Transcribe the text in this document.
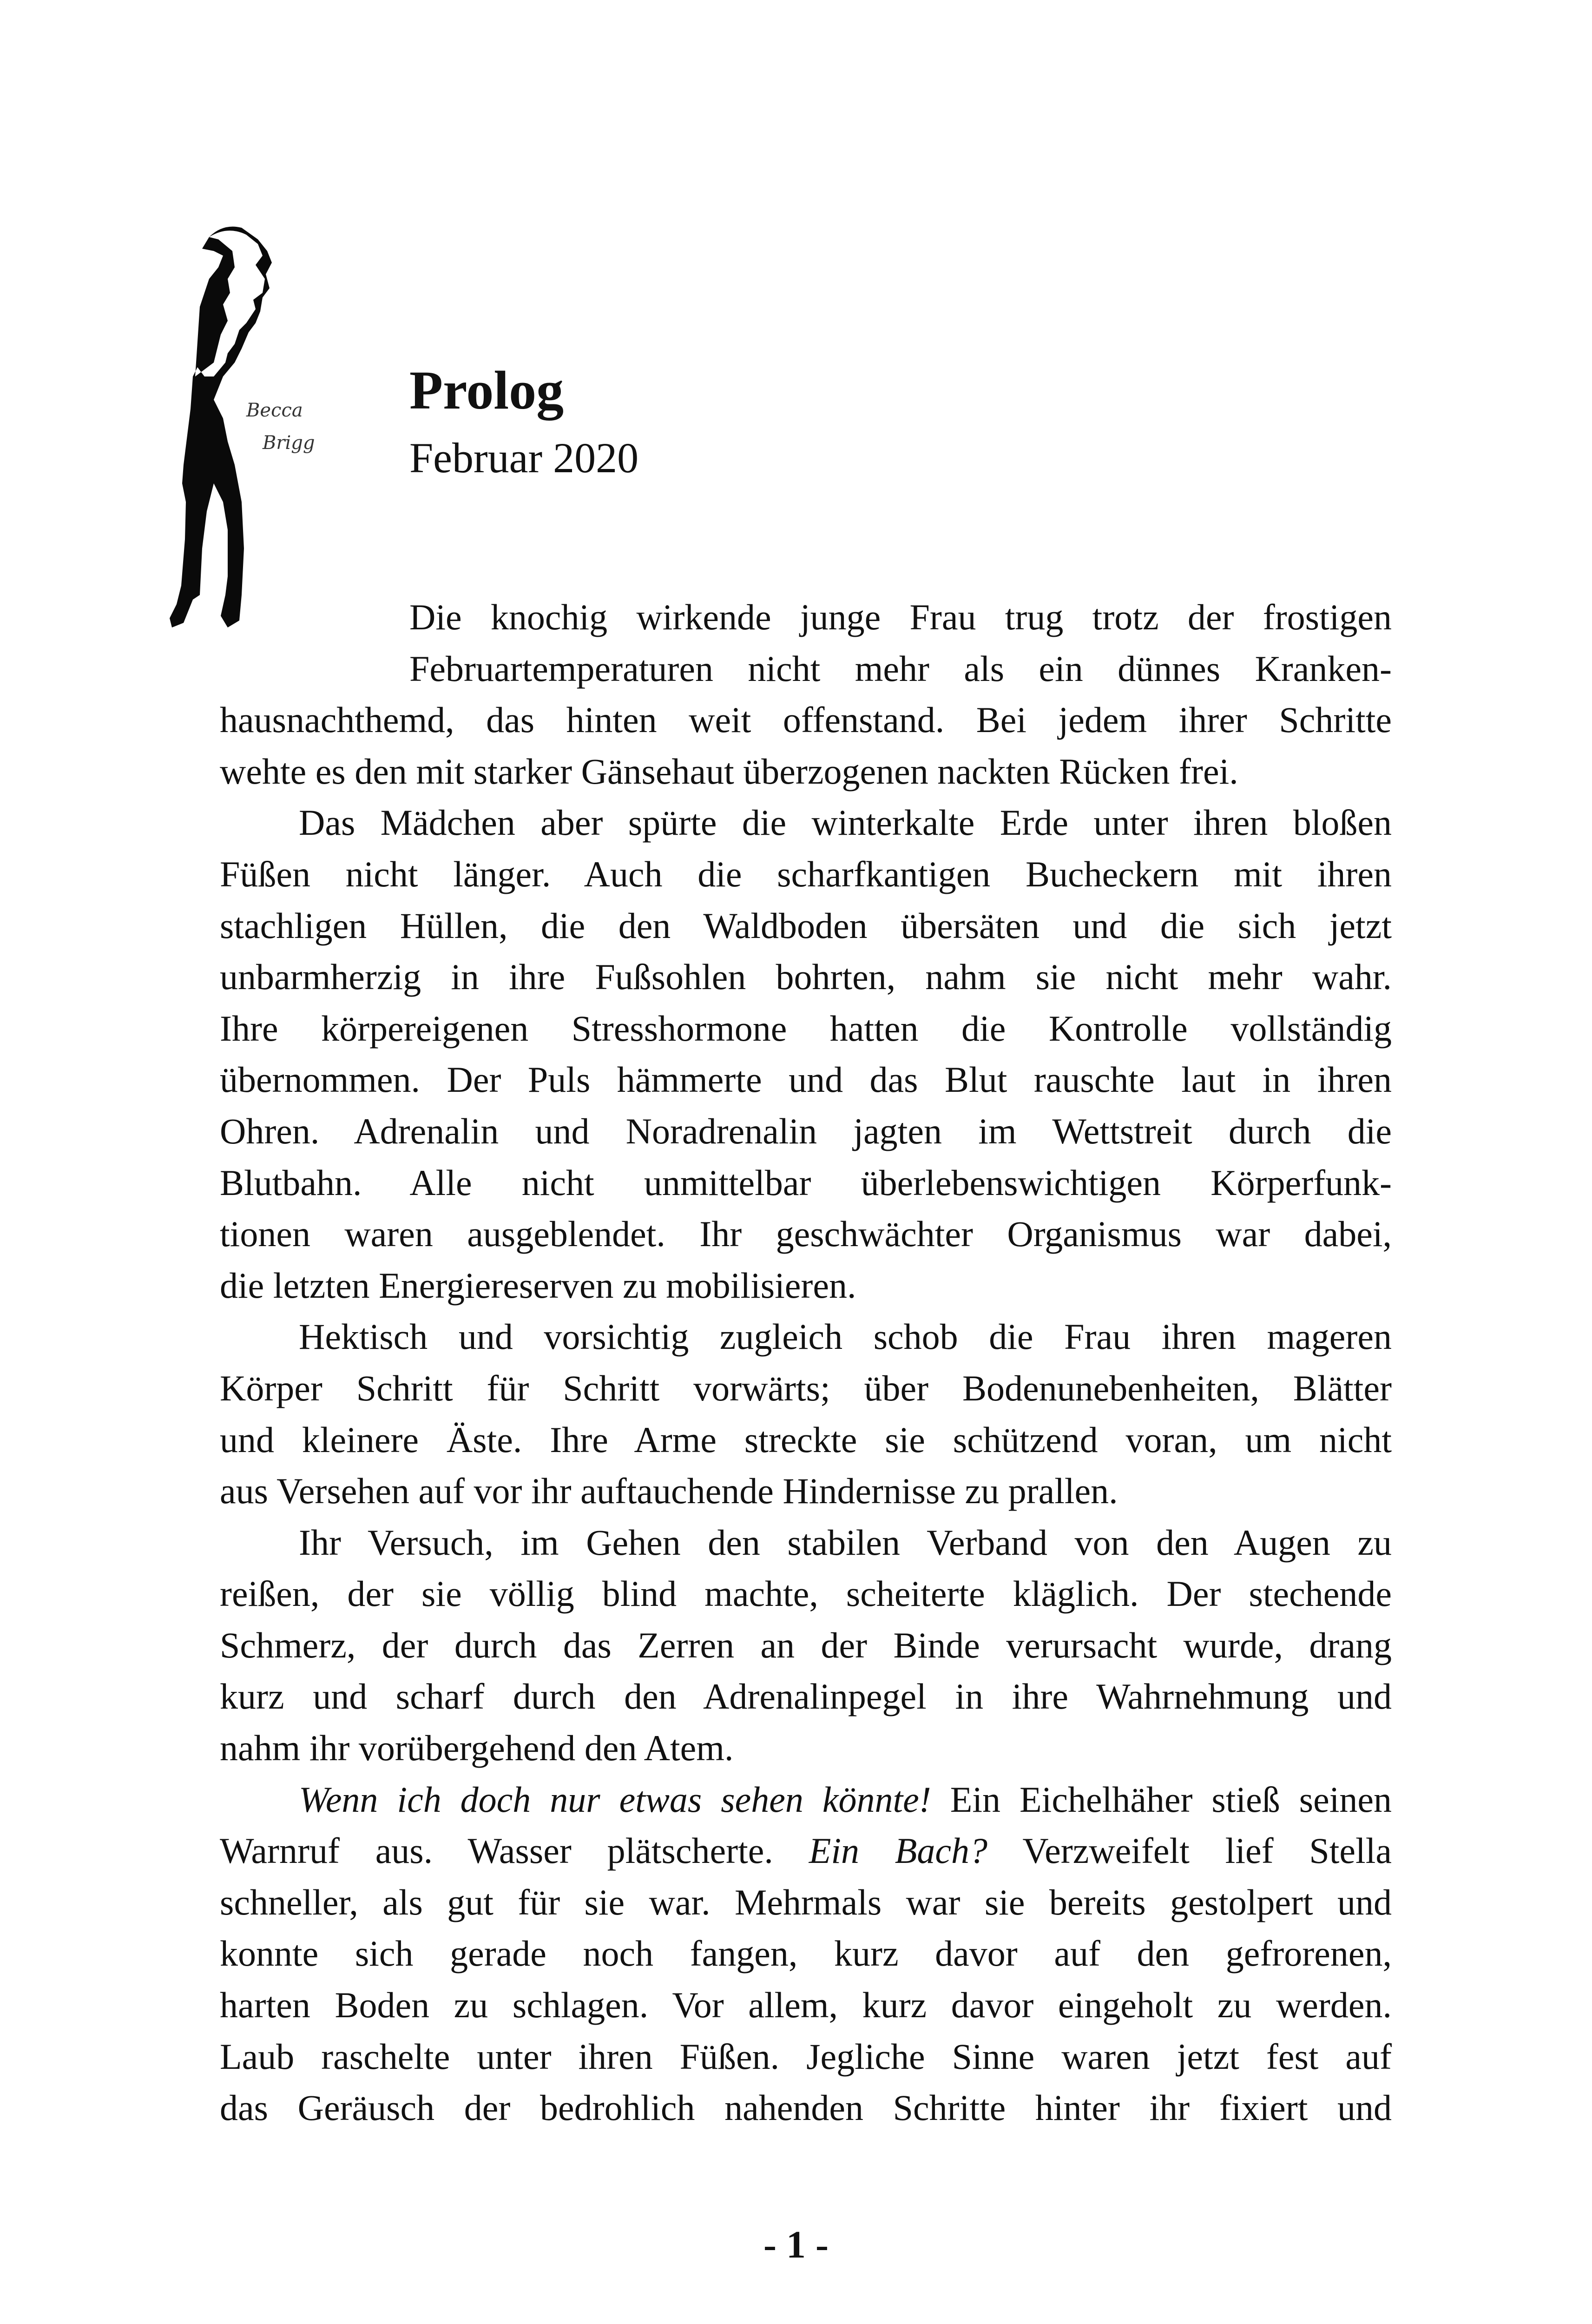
Becca
Brigg
Prolog
Februar 2020
Die knochig wirkende junge Frau trug trotz der frostigen
Februartemperaturen nicht mehr als ein dünnes Kranken-
hausnachthemd, das hinten weit offenstand. Bei jedem ihrer Schritte
wehte es den mit starker Gänsehaut überzogenen nackten Rücken frei.
Das Mädchen aber spürte die winterkalte Erde unter ihren bloßen
Füßen nicht länger. Auch die scharfkantigen Bucheckern mit ihren
stachligen Hüllen, die den Waldboden übersäten und die sich jetzt
unbarmherzig in ihre Fußsohlen bohrten, nahm sie nicht mehr wahr.
Ihre körpereigenen Stresshormone hatten die Kontrolle vollständig
übernommen. Der Puls hämmerte und das Blut rauschte laut in ihren
Ohren. Adrenalin und Noradrenalin jagten im Wettstreit durch die
Blutbahn. Alle nicht unmittelbar überlebenswichtigen Körperfunk-
tionen waren ausgeblendet. Ihr geschwächter Organismus war dabei,
die letzten Energiereserven zu mobilisieren.
Hektisch und vorsichtig zugleich schob die Frau ihren mageren
Körper Schritt für Schritt vorwärts; über Bodenunebenheiten, Blätter
und kleinere Äste. Ihre Arme streckte sie schützend voran, um nicht
aus Versehen auf vor ihr auftauchende Hindernisse zu prallen.
Ihr Versuch, im Gehen den stabilen Verband von den Augen zu
reißen, der sie völlig blind machte, scheiterte kläglich. Der stechende
Schmerz, der durch das Zerren an der Binde verursacht wurde, drang
kurz und scharf durch den Adrenalinpegel in ihre Wahrnehmung und
nahm ihr vorübergehend den Atem.
Wenn ich doch nur etwas sehen könnte! Ein Eichelhäher stieß seinen
Warnruf aus. Wasser plätscherte. Ein Bach? Verzweifelt lief Stella
schneller, als gut für sie war. Mehrmals war sie bereits gestolpert und
konnte sich gerade noch fangen, kurz davor auf den gefrorenen,
harten Boden zu schlagen. Vor allem, kurz davor eingeholt zu werden.
Laub raschelte unter ihren Füßen. Jegliche Sinne waren jetzt fest auf
das Geräusch der bedrohlich nahenden Schritte hinter ihr fixiert und
- 1 -
